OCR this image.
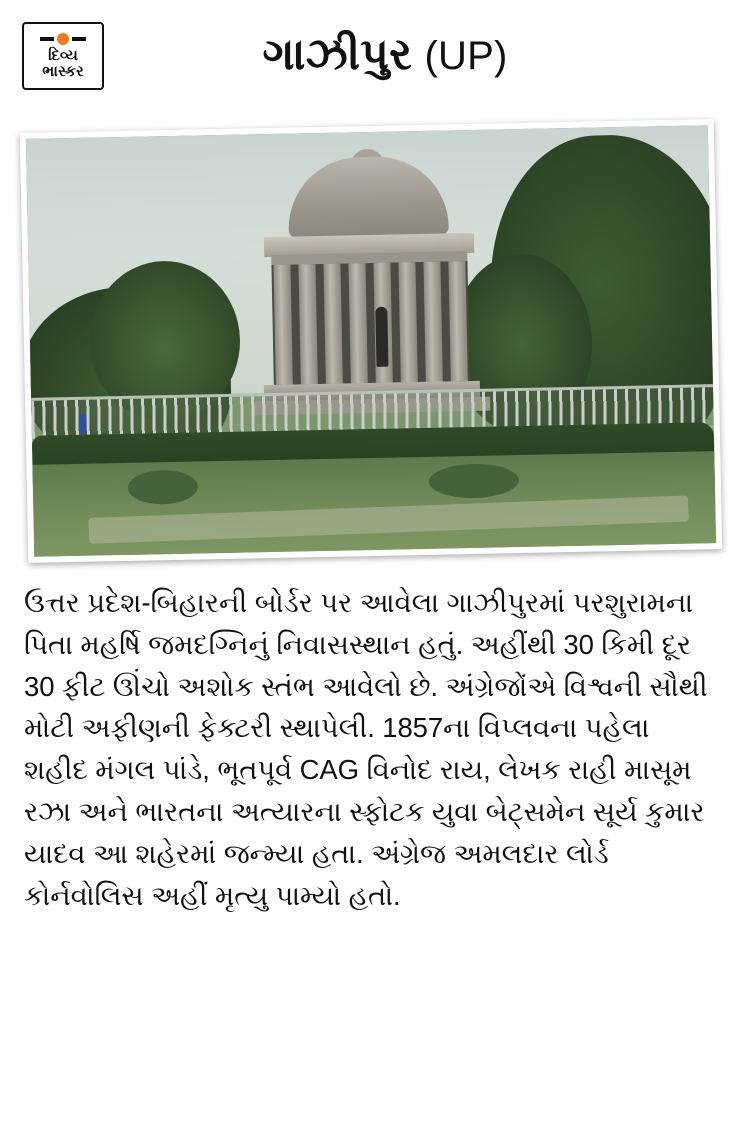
દિવ્ય
ભાસ્કર	ગાઝીપુર (UP)
ઉત્તર પ્રદેશ-બિહારની બોર્ડર પર આવેલા ગાઝીપુરમાં પરશુરામના પિતા મહર્ષિ જમદગ્નિનું નિવાસસ્થાન હતું. અહીંથી 30 કિમી દૂર 30 ફીટ ઊંચો અશોક સ્તંભ આવેલો છે. અંગ્રેજોંએ વિશ્વની સૌથી મોટી અફીણની ફેક્ટરી સ્થાપેલી. 1857ના વિપ્લવના પહેલા શહીદ મંગલ પાંડે, ભૂતપૂર્વ CAG વિનોદ રાય, લેખક રાહી માસૂમ રઝા અને ભારતના અત્યારના સ્ફોટક યુવા બેટ્સમેન સૂર્ય કુમાર યાદવ આ શહેરમાં જન્મ્યા હતા. અંગ્રેજ અમલદાર લોર્ડ કોર્નવોલિસ અહીં મૃત્યુ પામ્યો હતો.
